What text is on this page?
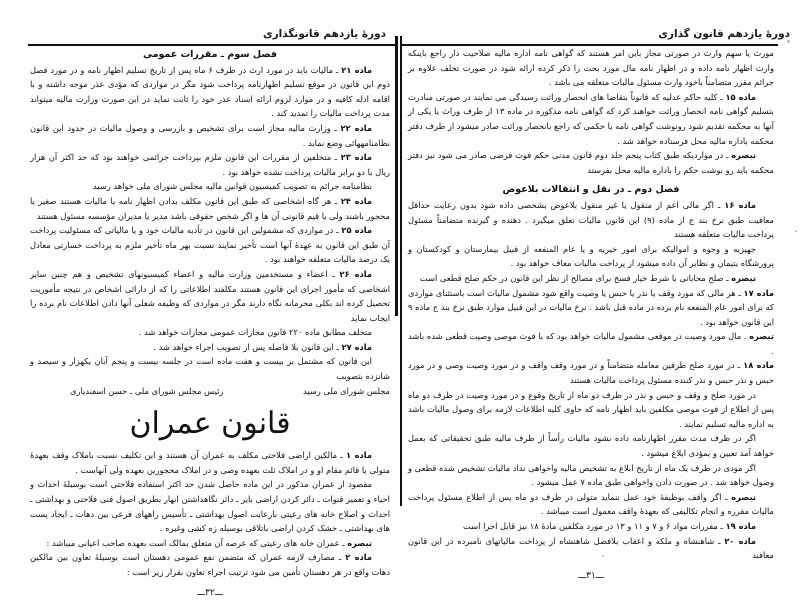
دورهٔ یازدهم قانونگذاری

فصل سوم ـ مقررات عمومی

ماده ۲۱ ـ مالیات باید در مورد ارث در ظرف ۶ ماه پس از تاریخ تسلیم اظهار نامه و در مورد فصل دوم این قانون در موقع تسلیم اظهارنامه پرداخت شود مگر در مواردی که مؤدی عذر موجه داشته و با اقامه ادله کافیه و در موارد لزوم ارائه اسناد عذر خود را ثابت نماید در این صورت وزارت مالیه میتواند مدت پرداخت مالیات را تمدید کند .

ماده ۲۲ ـ وزارت مالیه مجاز است برای تشخیص و بازرسی و وصول مالیات در حدود این قانون نظامنامههائی وضع نماید .

ماده ۲۳ ـ متخلفین از مقررات این قانون ملزم بپرداخت جرائمی خواهند بود که حد اکثر آن هزار ریال یا دو برابر مالیات پرداخت نشده خواهد بود .

نظامنامه جرائم به تصویب کمیسیون قوانین مالیه مجلس شورای ملی خواهد رسید

ماده ۲۴ ـ هر گاه اشخاصی که طبق این قانون مکلف بدادن اظهار نامه یا مالیات هستند صغیر یا محجور باشند ولی یا قیم قانونی آن ها و اگر شخص حقوقی باشد مدیر یا مدیران مؤسسه مسئول هستند

ماده ۲۵ ـ در مواردی که مشمولین این قانون در تأدیه مالیات خود و یا مالیاتی که مسئولیت پرداخت آن طبق این قانون به عهدهٔ آنها است تأخیر نمایند نسبت بهر ماه تأخیر ملزم به پرداخت خسارتی معادل یک درصد مالیات متعلقه خواهند بود .

ماده ۲۶ ـ اعضاء و مستخدمین وزارت مالیه و اعضاء کمیسیونهای تشخیص و هم چنین سایر اشخاصی که مأمور اجرای این قانون هستند مکلفند اطلاعاتی را که از دارائی اشخاص در نتیجه مأموریت تحصیل کرده اند بکلی محرمانه نگاه دارند مگر در مواردی که وظیفه شغلی آنها دادن اطلاعات نام برده را ایجاب نماید

متخلف مطابق ماده ۲۲۰ قانون مجازات عمومی مجازات خواهد شد .

ماده ۲۷ ـ این قانون بلا فاصله پس از تصویب اجراء خواهد شد .

این قانون که مشتمل بر بیست و هفت ماده است در جلسه بیست و پنجم آبان یکهزار و سیصد و شانزده بتصویب

مجلس شورای ملی رسید
رئیس مجلس شورای ملی ـ حسن اسفندیاری
قانون عمران

ماده ۱ ـ مالکین اراضی فلاحتی مکلف به عمران آن هستند و این تکلیف نسبت باملاک وقف بعهدهٔ متولی یا قائم مقام او و در املاک ثلث بعهده وصی و در املاک محجورین بعهده ولی آنهاست .

مقصود از عمران مذکور در این ماده حاصل شدن حد اکثر استفاده فلاحتی است بوسیلهٔ احداث و احیاء و تعمیر قنوات ـ دائر کردن اراضی بایر ـ دائر نگاهداشتن انهار بطریق اصول فنی فلاحتی و بهداشتی ـ احداث و اصلاح خانه های رعیتی بارعایت اصول بهداشتی ـ تأسیس راههای فرعی بین دهات ـ ایجاد پست های بهداشتی ـ خشک کردن اراضی باتلاقی بوسیله زه کشی وغیره .

تبصره ـ عمران خانه های رعیتی که عرصه آن متعلق بمالک است بعهده صاحب اعیانی میباشد :

ماده ۲ ـ مصارف لازمه عمران که متضمن نفع عمومی دهستان است بوسیلهٔ تعاون بین مالکین دهات واقع در هر دهستان تأمین می شود ترتیب اجراء تعاون بقرار زیر است :

ـــ۳۲ـــ
دورهٔ یازدهم قانون گذاری

مورث یا سهم وارث در صورتی مجاز باین امر هستند که گواهی نامه اداره مالیه صلاحیت دار راجع باینکه وارث اظهار نامه داده و در اظهار نامه مال مورد بحث را ذکر کرده ارائه شود در صورت تخلف علاوه بر جرائم مقرر متضامناً باخود وارث مسئول مالیات متعلقه می باشد .

ماده ۱۵ ـ کلیه حاکم عدلیه که قانوناً بتقاضا های انحصار وراثت رسیدگی می نمایند در صورتی مبادرت بتسلیم گواهی نامه انحصار وراثت خواهند کرد که گواهی نامه مذکوره در ماده ۱۳ از طرف وراث یا یکی از آنها به محکمه تقدیم شود رونوشت گواهی نامه یا حکمی که راجع بانحصار وراثت صادر میشود از طرف دفتر محکمه باداره مالیه محل فرستاده خواهد شد .

تبصره ـ در مواردیکه طبق کتاب پنجم جلد دوم قانون مدنی حکم فوت فرضی صادر می شود نیز دفتر محکمه باید رو نوشت حکم را باداره مالیه محل بفرستد

فصل دوم ـ در نقل و انتقالات بلاعوض

ماده ۱۶ ـ اگر مالی اعم از منقول یا غیر منقول بلاعوض بشخصی داده شود بدون رعایت حداقل معافیت طبق نرخ بند ج از ماده (۹) این قانون مالیات تعلق میگیرد . دهنده و گیرنده متضامناً مسئول پرداخت مالیات متعلقه هستند

جهیزیه و وجوه و اموالیکه برای امور خیریه و یا عام المنفعه از قبیل بیمارستان و کودکستان و پرورشگاه یتیمان و نظایر آن داده میشود از پرداخت مالیات معاف خواهد بود .

تبصره ـ صلح محاباتی با شرط خیار فسخ برای مصالح از نظر این قانون در حکم صلح قطعی است

ماده ۱۷ ـ هر مالی که مورد وقف یا نذر یا حبس یا وصیت واقع شود مشمول مالیات است باستثنای مواردی که برای امور عام المنفعه نام برده در ماده قبل باشد . نرخ مالیات در این قبیل موارد طبق نرخ بند ج ماده ۹ این قانون خواهد بود .

تبصره . مال مورد وصیت در موقعی مشمول مالیات خواهد بود که با فوت موصی وصیت قطعی شده باشد .

ماده ۱۸ ـ در مورد صلح طرفین معامله متضامناً و در مورد وقف واقف و در مورد وصیت وصی و در مورد حبس و نذر حبس و نذر کننده مسئول پرداخت مالیات هستند

در مورد صلح و وقف و حبس و نذر در ظرف دو ماه از تاریخ وقوع و در مورد وصیت در ظرف دو ماه پس از اطلاع از فوت موصی مکلفین باید اظهار نامه که حاوی کلیه اطلاعات لازمه برای وصول مالیات باشد به اداره مالیه تسلیم نمایند .

اگر در ظرف مدت مقرر اظهارنامه داده نشود مالیات رأساً از طرف مالیه طبق تحقیقاتی که بعمل خواهد آمد تعیین و بمؤدی ابلاغ میشود .

اگر مودی در ظرف یک ماه از تاریخ ابلاغ به تشخیص مالیه واخواهی نداد مالیات تشخیص شده قطعی و وصول خواهد شد . در صورت دادن واخواهی طبق ماده ۷ عمل میشود .

تبصره ـ اگر واقف بوظیفهٔ خود عمل ننماید متولی در ظرف دو ماه پس از اطلاع مسئول پرداخت مالیات مقرره و انجام تکالیفی که بعهدهٔ واقف معمول است میباشد .

ماده ۱۹ ـ مقررات مواد ۶ و ۷ و ۱۱ و ۱۳ در مورد مکلفین مادهٔ ۱۸ نیز قابل اجرا است

ماده ۲۰ ـ شاهنشاه و ملکه و اعقاب بلافصل شاهنشاه از پرداخت مالیاتهای نامبرده در این قانون معافند

ـــ۳۱ـــ
